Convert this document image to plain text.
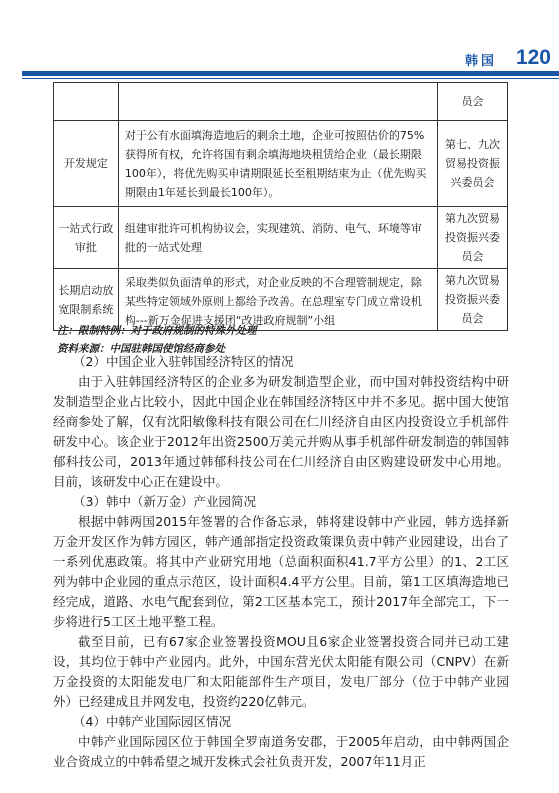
韩国 120
		员会
开发规定	对于公有水面填海造地后的剩余土地，企业可按照估价的75%获得所有权，允许将国有剩余填海地块租赁给企业（最长期限100年），将优先购买申请期限延长至租期结束为止（优先购买期限由1年延长到最长100年）。	第七、九次贸易投资振兴委员会
一站式行政审批	组建审批许可机构协议会，实现建筑、消防、电气、环境等审批的一站式处理	第九次贸易投资振兴委员会
长期启动放宽限制系统	采取类似负面清单的形式，对企业反映的不合理管制规定，除某些特定领域外原则上都给予改善。在总理室专门成立常设机构---新万金促进支援团“改进政府规制”小组	第九次贸易投资振兴委员会
注：限制特例：对于政府规制的特殊外处理
资料来源：中国驻韩国使馆经商参处

（2）中国企业入驻韩国经济特区的情况

由于入驻韩国经济特区的企业多为研发制造型企业，而中国对韩投资结构中研发制造型企业占比较小，因此中国企业在韩国经济特区中并不多见。据中国大使馆经商参处了解，仅有沈阳敏像科技有限公司在仁川经济自由区内投资设立手机部件研发中心。该企业于2012年出资2500万美元并购从事手机部件研发制造的韩国韩郁科技公司，2013年通过韩郁科技公司在仁川经济自由区购建设研发中心用地。目前，该研发中心正在建设中。

（3）韩中（新万金）产业园简况

根据中韩两国2015年签署的合作备忘录，韩将建设韩中产业园，韩方选择新万金开发区作为韩方园区，韩产通部指定投资政策课负责中韩产业园建设，出台了一系列优惠政策。将其中产业研究用地（总面积面积41.7平方公里）的1、2工区列为韩中企业园的重点示范区，设计面积4.4平方公里。目前，第1工区填海造地已经完成，道路、水电气配套到位，第2工区基本完工，预计2017年全部完工，下一步将进行5工区土地平整工程。

截至目前，已有67家企业签署投资MOU且6家企业签署投资合同并已动工建设，其均位于韩中产业园内。此外，中国东营光伏太阳能有限公司（CNPV）在新万金投资的太阳能发电厂和太阳能部件生产项目，发电厂部分（位于中韩产业园外）已经建成且并网发电，投资约220亿韩元。

（4）中韩产业国际园区情况

中韩产业国际园区位于韩国全罗南道务安郡，于2005年启动，由中韩两国企业合资成立的中韩希望之城开发株式会社负责开发，2007年11月正
